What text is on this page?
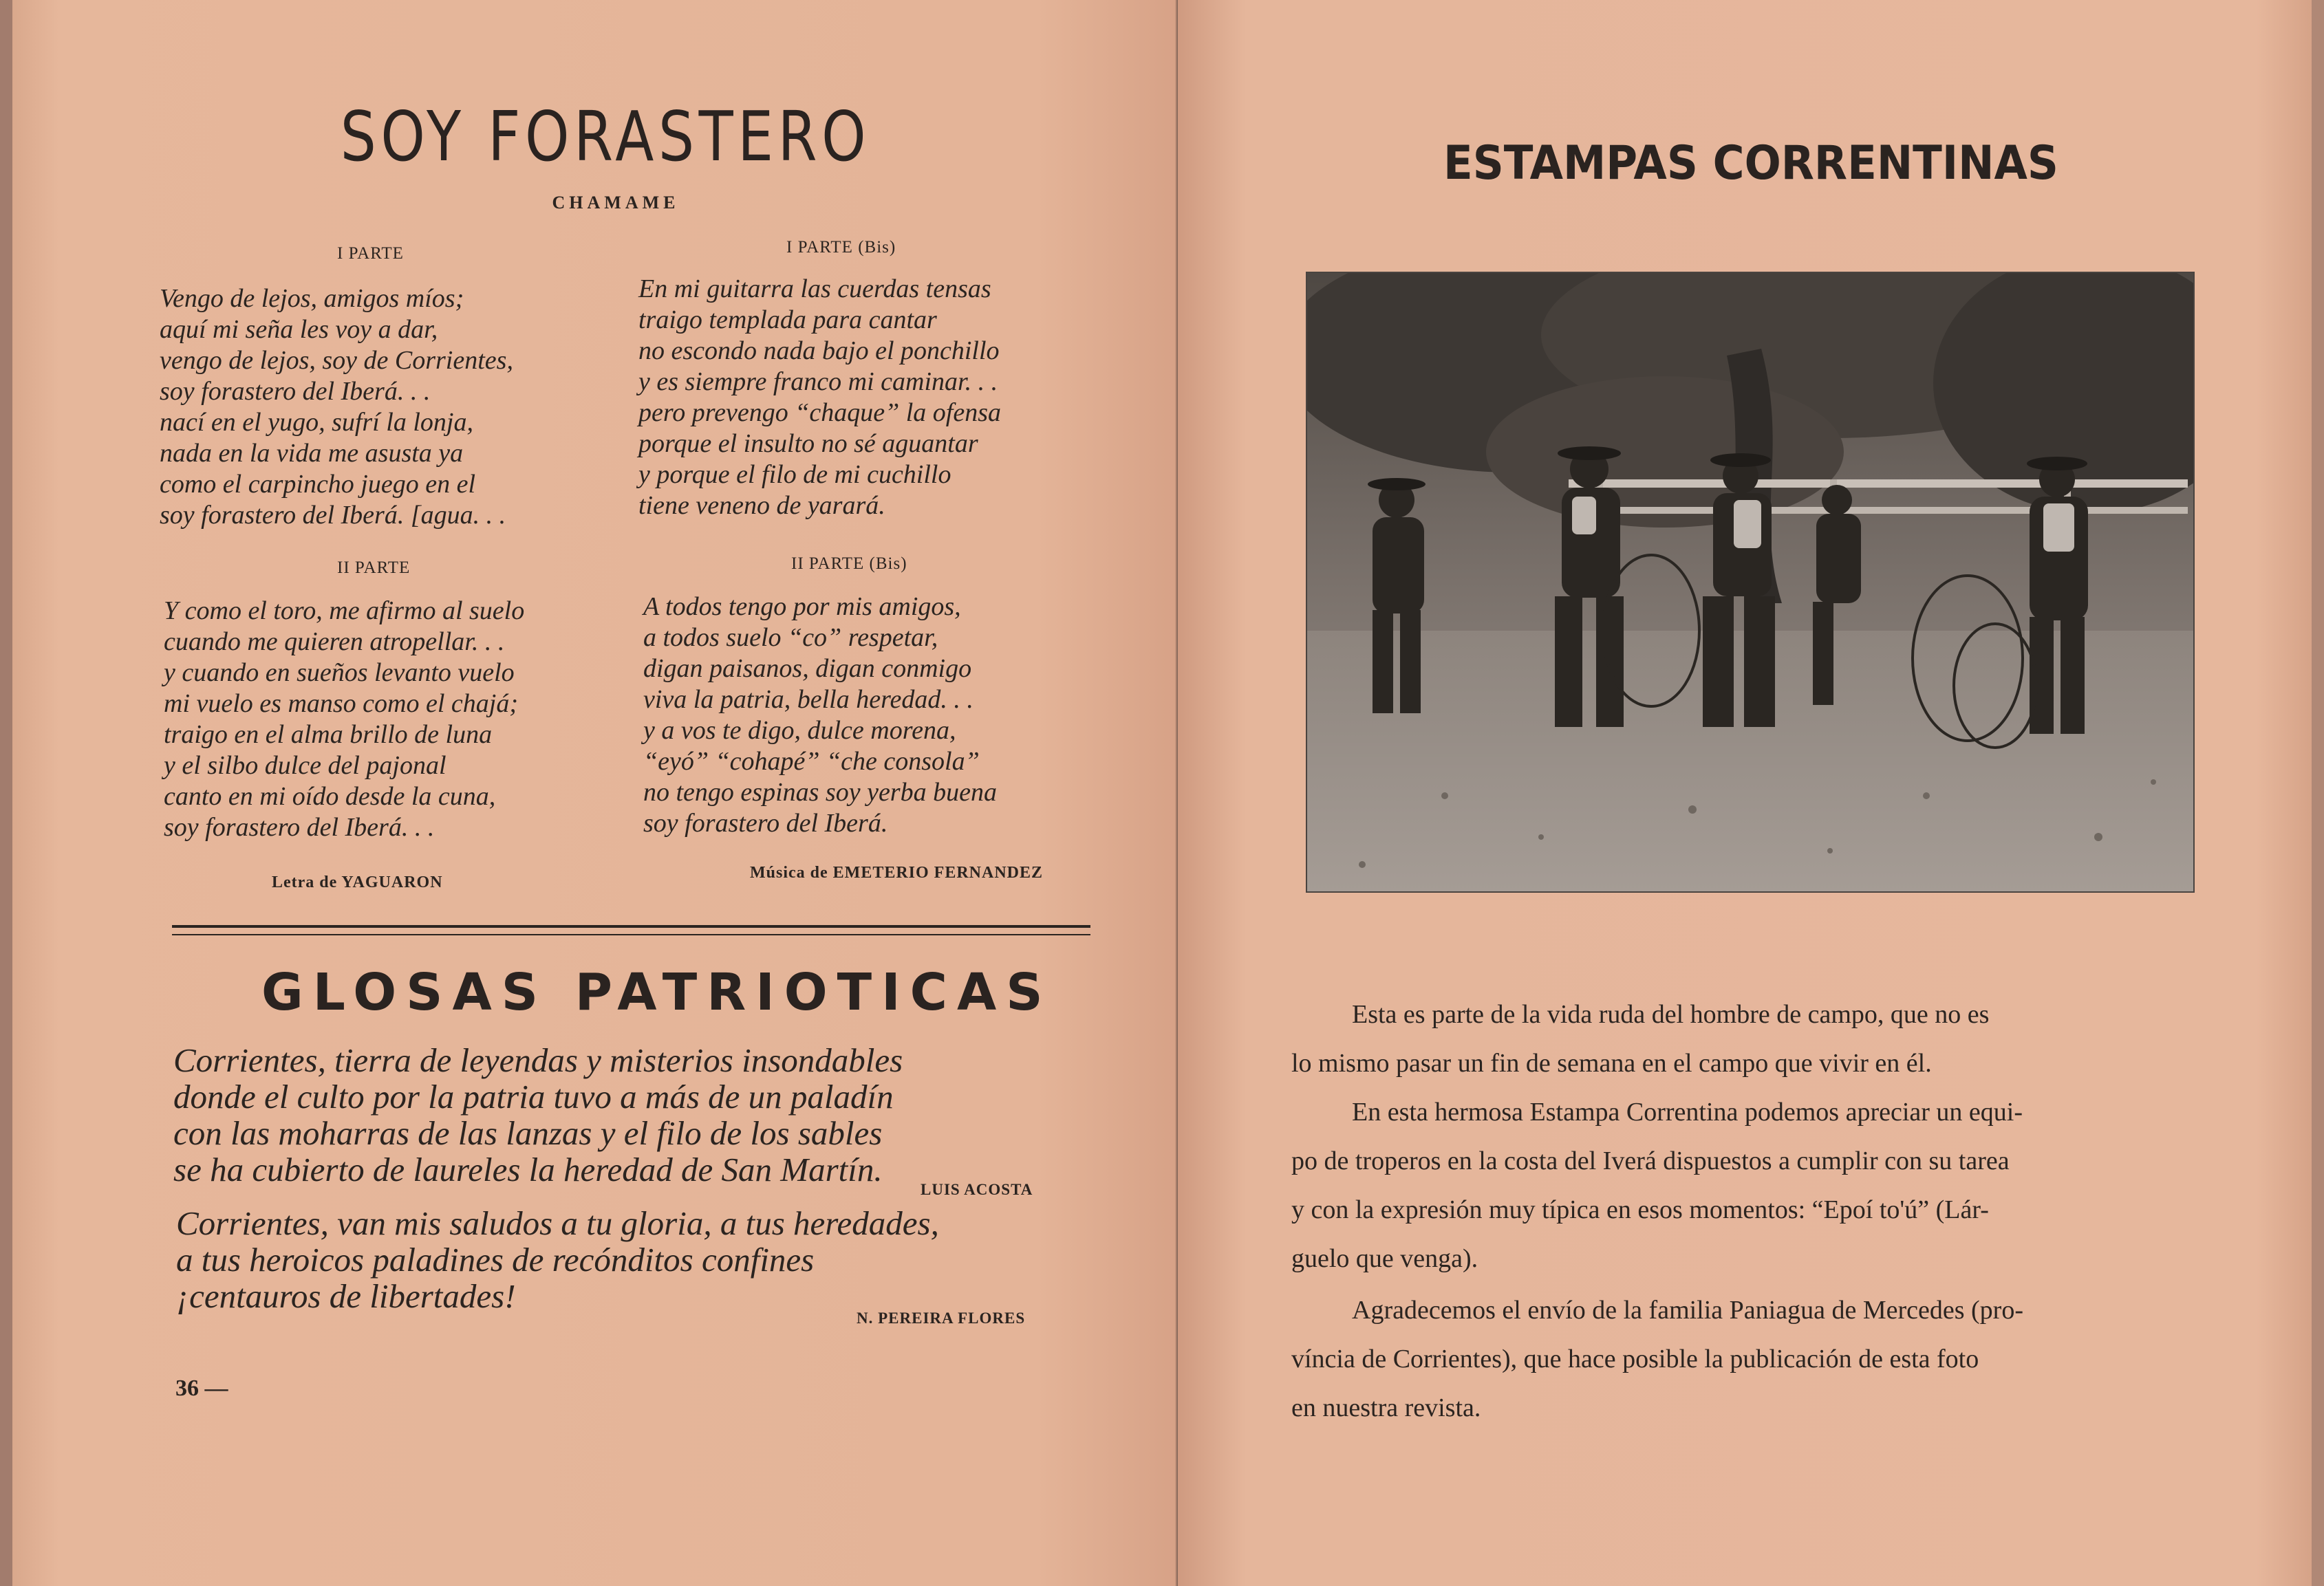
SOY FORASTERO
CHAMAME
I PARTE
Vengo de lejos, amigos míos;
aquí mi seña les voy a dar,
vengo de lejos, soy de Corrientes,
soy forastero del Iberá. . .
nací en el yugo, sufrí la lonja,
nada en la vida me asusta ya
como el carpincho juego en el
soy forastero del Iberá. [agua. . .
I PARTE (Bis)
En mi guitarra las cuerdas tensas
traigo templada para cantar
no escondo nada bajo el ponchillo
y es siempre franco mi caminar. . .
pero prevengo “chaque” la ofensa
porque el insulto no sé aguantar
y porque el filo de mi cuchillo
tiene veneno de yarará.
II PARTE
Y como el toro, me afirmo al suelo
cuando me quieren atropellar. . .
y cuando en sueños levanto vuelo
mi vuelo es manso como el chajá;
traigo en el alma brillo de luna
y el silbo dulce del pajonal
canto en mi oído desde la cuna,
soy forastero del Iberá. . .
II PARTE (Bis)
A todos tengo por mis amigos,
a todos suelo “co” respetar,
digan paisanos, digan conmigo
viva la patria, bella heredad. . .
y a vos te digo, dulce morena,
“eyó” “cohapé” “che consola”
no tengo espinas soy yerba buena
soy forastero del Iberá.
Letra de YAGUARON
Música de EMETERIO FERNANDEZ
GLOSAS PATRIOTICAS
Corrientes, tierra de leyendas y misterios insondables
donde el culto por la patria tuvo a más de un paladín
con las moharras de las lanzas y el filo de los sables
se ha cubierto de laureles la heredad de San Martín.
LUIS ACOSTA
Corrientes, van mis saludos a tu gloria, a tus heredades,
a tus heroicos paladines de recónditos confines
¡centauros de libertades!
N. PEREIRA FLORES
36 —
ESTAMPAS CORRENTINAS
Esta es parte de la vida ruda del hombre de campo, que no es
lo mismo pasar un fin de semana en el campo que vivir en él.
En esta hermosa Estampa Correntina podemos apreciar un equi-
po de troperos en la costa del Iverá dispuestos a cumplir con su tarea
y con la expresión muy típica en esos momentos: “Epoí to'ú” (Lár-
guelo que venga).
Agradecemos el envío de la familia Paniagua de Mercedes (pro-
víncia de Corrientes), que hace posible la publicación de esta foto
en nuestra revista.
